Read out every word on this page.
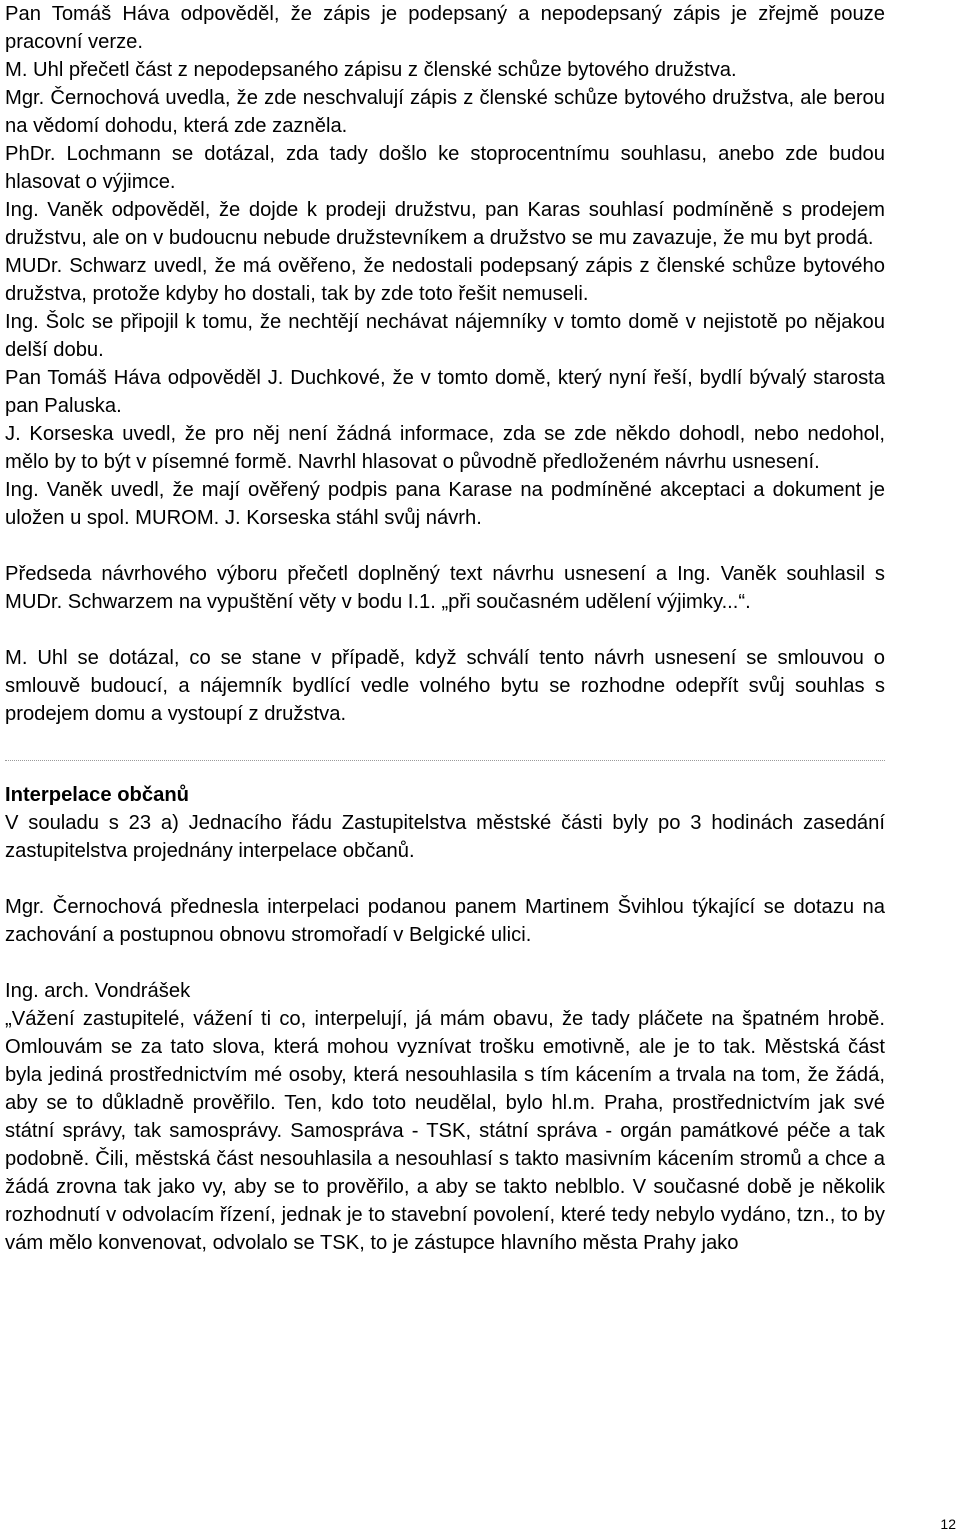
Pan Tomáš Háva odpověděl, že zápis je podepsaný a nepodepsaný zápis je zřejmě pouze pracovní verze.

M. Uhl přečetl část z nepodepsaného zápisu z členské schůze bytového družstva.

Mgr. Černochová uvedla, že zde neschvalují zápis z členské schůze bytového družstva, ale berou na vědomí dohodu, která zde zazněla.

PhDr. Lochmann se dotázal, zda tady došlo ke stoprocentnímu souhlasu, anebo zde budou hlasovat o výjimce.

Ing. Vaněk odpověděl, že dojde k prodeji družstvu, pan Karas souhlasí podmíněně s prodejem družstvu, ale on v budoucnu nebude družstevníkem a družstvo se mu zavazuje, že mu byt prodá.

MUDr. Schwarz uvedl, že má ověřeno, že nedostali podepsaný zápis z členské schůze bytového družstva, protože kdyby ho dostali, tak by zde toto řešit nemuseli.

Ing. Šolc se připojil k tomu, že nechtějí nechávat nájemníky v tomto domě v nejistotě po nějakou delší dobu.

Pan Tomáš Háva odpověděl J. Duchkové, že v tomto domě, který nyní řeší, bydlí bývalý starosta pan Paluska.

J. Korseska uvedl, že pro něj není žádná informace, zda se zde někdo dohodl, nebo nedohol, mělo by to být v písemné formě. Navrhl hlasovat o původně předloženém návrhu usnesení.

Ing. Vaněk uvedl, že mají ověřený podpis pana Karase na podmíněné akceptaci a dokument je uložen u spol. MUROM. J. Korseska stáhl svůj návrh.

Předseda návrhového výboru přečetl doplněný text návrhu usnesení a Ing. Vaněk souhlasil s MUDr. Schwarzem na vypuštění věty v bodu I.1. „při současném udělení výjimky...“.

M. Uhl se dotázal, co se stane v případě, když schválí tento návrh usnesení se smlouvou o smlouvě budoucí, a nájemník bydlící vedle volného bytu se rozhodne odepřít svůj souhlas s prodejem domu a vystoupí z družstva.

Interpelace občanů

V souladu s 23 a) Jednacího řádu Zastupitelstva městské části byly po 3 hodinách zasedání zastupitelstva projednány interpelace občanů.

Mgr. Černochová přednesla interpelaci podanou panem Martinem Švihlou týkající se dotazu na zachování a postupnou obnovu stromořadí v Belgické ulici.

Ing. arch. Vondrášek

„Vážení zastupitelé, vážení ti co, interpelují, já mám obavu, že tady pláčete na špatném hrobě. Omlouvám se za tato slova, která mohou vyznívat trošku emotivně, ale je to tak. Městská část byla jediná prostřednictvím mé osoby, která nesouhlasila s tím kácením a trvala na tom, že žádá, aby se to důkladně prověřilo. Ten, kdo toto neudělal, bylo hl.m. Praha, prostřednictvím jak své státní správy, tak samosprávy. Samospráva - TSK, státní správa - orgán památkové péče a tak podobně. Čili, městská část nesouhlasila a nesouhlasí s takto masivním kácením stromů a chce a žádá zrovna tak jako vy, aby se to prověřilo, a aby se takto neblblo. V současné době je několik rozhodnutí v odvolacím řízení, jednak je to stavební povolení, které tedy nebylo vydáno, tzn., to by vám mělo konvenovat, odvolalo se TSK, to je zástupce hlavního města Prahy jako

12
